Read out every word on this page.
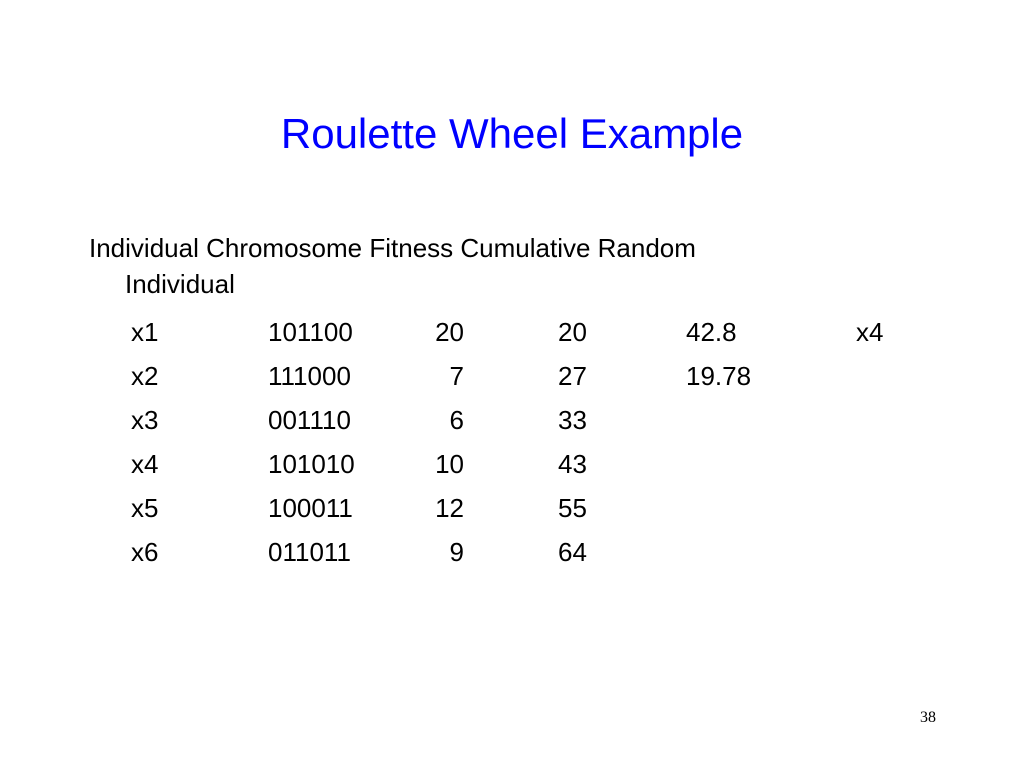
Roulette Wheel Example
Individual Chromosome Fitness Cumulative Random
Individual
x1	101100	20	20	42.8	x4
x2	111000	7	27	19.78
x3	001110	6	33
x4	101010	10	43
x5	100011	12	55
x6	011011	9	64
38
